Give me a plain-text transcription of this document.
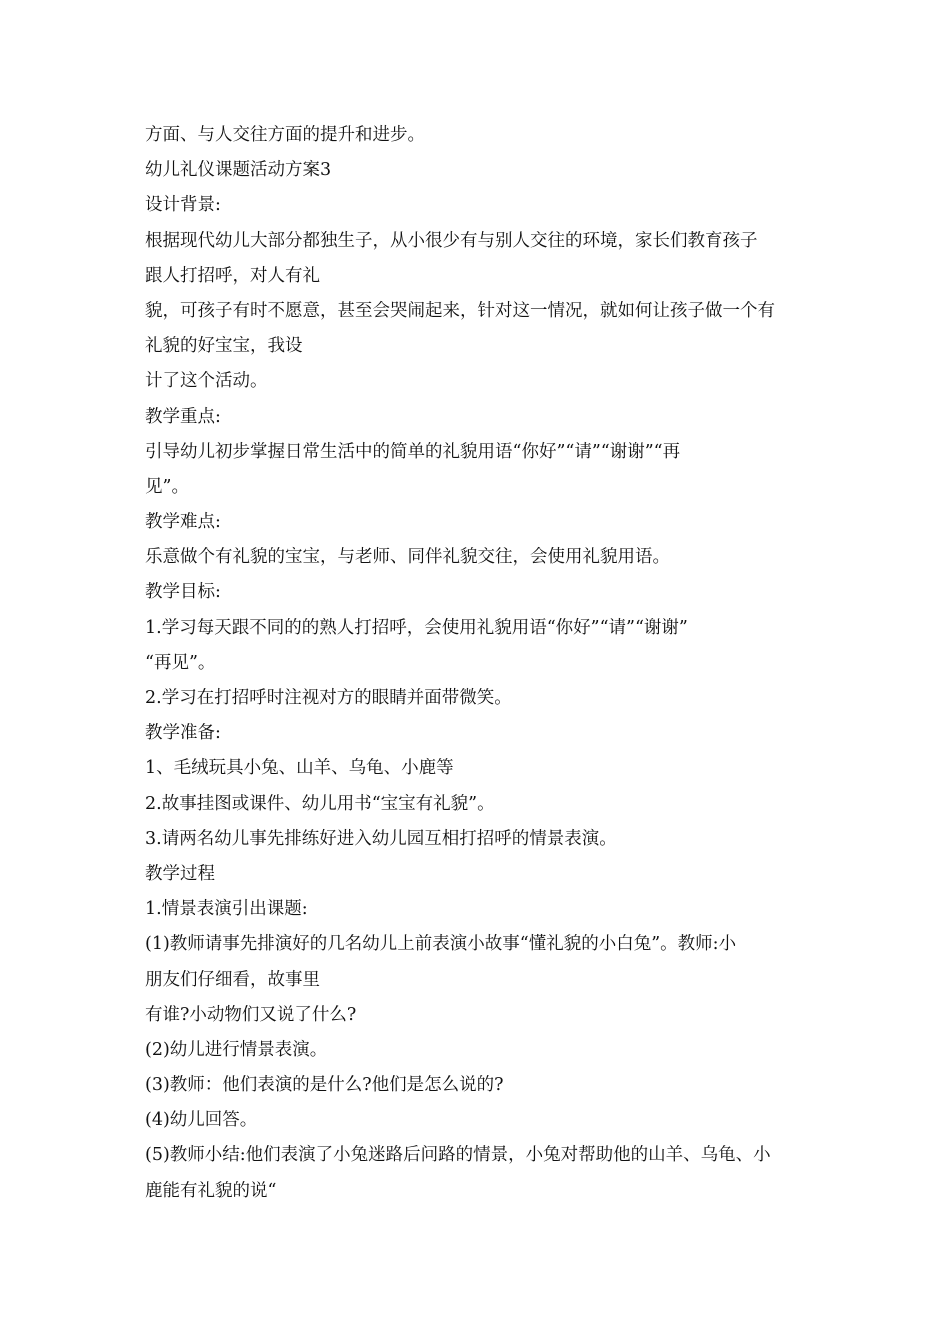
方面、与人交往方面的提升和进步。
幼儿礼仪课题活动方案3
设计背景:
根据现代幼儿大部分都独生子，从小很少有与别人交往的环境，家长们教育孩子
跟人打招呼，对人有礼
貌，可孩子有时不愿意，甚至会哭闹起来，针对这一情况，就如何让孩子做一个有
礼貌的好宝宝，我设
计了这个活动。
教学重点:
引导幼儿初步掌握日常生活中的简单的礼貌用语“你好”“请”“谢谢”“再
见”。
教学难点:
乐意做个有礼貌的宝宝，与老师、同伴礼貌交往，会使用礼貌用语。
教学目标:
1.学习每天跟不同的的熟人打招呼，会使用礼貌用语“你好”“请”“谢谢”
“再见”。
2.学习在打招呼时注视对方的眼睛并面带微笑。
教学准备:
1、毛绒玩具小兔、山羊、乌龟、小鹿等
2.故事挂图或课件、幼儿用书“宝宝有礼貌”。
3.请两名幼儿事先排练好进入幼儿园互相打招呼的情景表演。
教学过程
1.情景表演引出课题:
(1)教师请事先排演好的几名幼儿上前表演小故事“懂礼貌的小白兔”。教师:小
朋友们仔细看，故事里
有谁?小动物们又说了什么?
(2)幼儿进行情景表演。
(3)教师：他们表演的是什么?他们是怎么说的?
(4)幼儿回答。
(5)教师小结:他们表演了小兔迷路后问路的情景，小兔对帮助他的山羊、乌龟、小
鹿能有礼貌的说“
